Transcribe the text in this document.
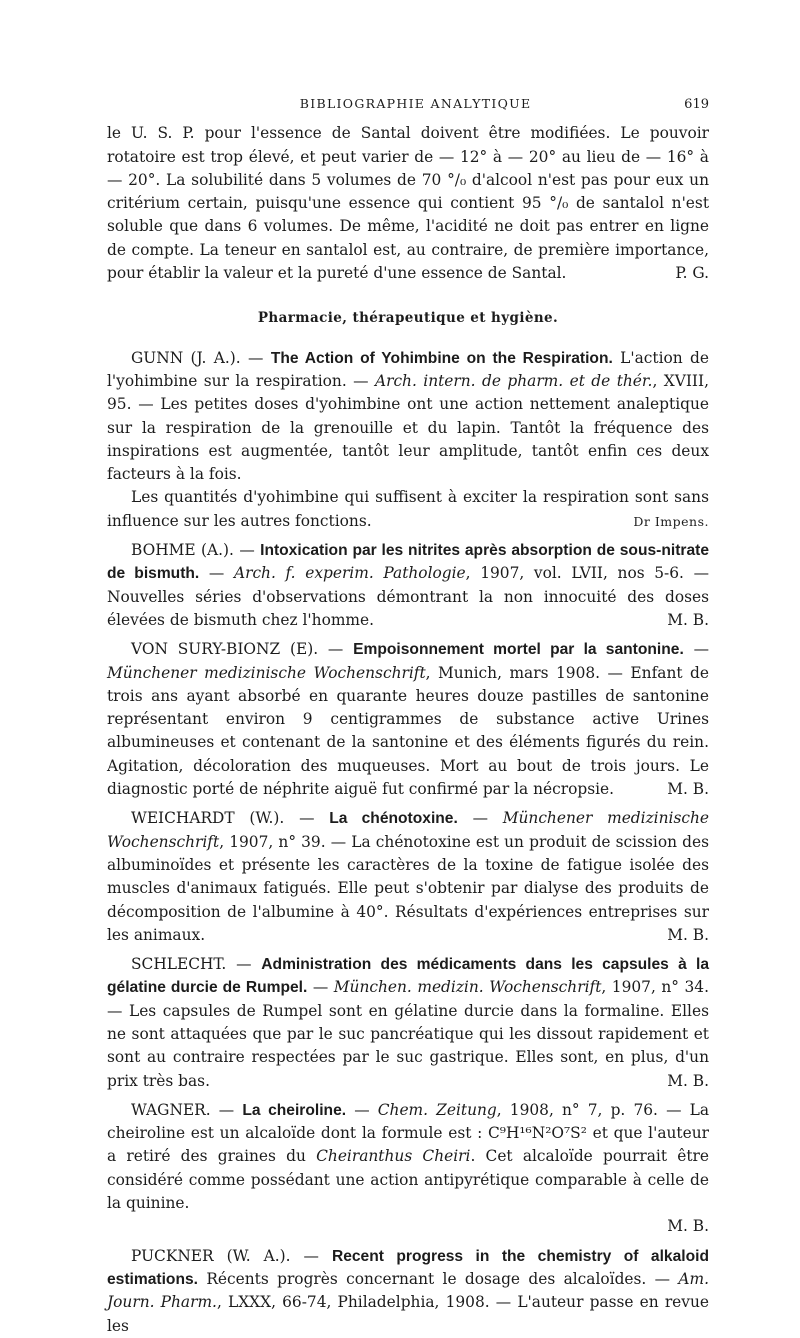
BIBLIOGRAPHIE ANALYTIQUE	619

le U. S. P. pour l'essence de Santal doivent être modifiées. Le pouvoir rotatoire est trop élevé, et peut varier de — 12° à — 20° au lieu de — 16° à — 20°. La solubilité dans 5 volumes de 70 °/₀ d'alcool n'est pas pour eux un critérium certain, puisqu'une essence qui contient 95 °/₀ de santalol n'est soluble que dans 6 volumes. De même, l'acidité ne doit pas entrer en ligne de compte. La teneur en santalol est, au contraire, de première importance, pour établir la valeur et la pureté d'une essence de Santal.	P. G.

Pharmacie, thérapeutique et hygiène.

GUNN (J. A.). — The Action of Yohimbine on the Respiration. L'action de l'yohimbine sur la respiration. — Arch. intern. de pharm. et de thér., XVIII, 95. — Les petites doses d'yohimbine ont une action nettement analeptique sur la respiration de la grenouille et du lapin. Tantôt la fréquence des inspirations est augmentée, tantôt leur amplitude, tantôt enfin ces deux facteurs à la fois.

Les quantités d'yohimbine qui suffisent à exciter la respiration sont sans influence sur les autres fonctions.	Dr Impens.

BOHME (A.). — Intoxication par les nitrites après absorption de sous-nitrate de bismuth. — Arch. f. experim. Pathologie, 1907, vol. LVII, nos 5-6. — Nouvelles séries d'observations démontrant la non innocuité des doses élevées de bismuth chez l'homme.	M. B.

VON SURY-BIONZ (E). — Empoisonnement mortel par la santonine. — Münchener medizinische Wochenschrift, Munich, mars 1908. — Enfant de trois ans ayant absorbé en quarante heures douze pastilles de santonine représentant environ 9 centigrammes de substance active Urines albumineuses et contenant de la santonine et des éléments figurés du rein. Agitation, décoloration des muqueuses. Mort au bout de trois jours. Le diagnostic porté de néphrite aiguë fut confirmé par la nécropsie.	M. B.

WEICHARDT (W.). — La chénotoxine. — Münchener medizinische Wochenschrift, 1907, n° 39. — La chénotoxine est un produit de scission des albuminoïdes et présente les caractères de la toxine de fatigue isolée des muscles d'animaux fatigués. Elle peut s'obtenir par dialyse des produits de décomposition de l'albumine à 40°. Résultats d'expériences entreprises sur les animaux.	M. B.

SCHLECHT. — Administration des médicaments dans les capsules à la gélatine durcie de Rumpel. — München. medizin. Wochenschrift, 1907, n° 34. — Les capsules de Rumpel sont en gélatine durcie dans la formaline. Elles ne sont attaquées que par le suc pancréatique qui les dissout rapidement et sont au contraire respectées par le suc gastrique. Elles sont, en plus, d'un prix très bas.	M. B.

WAGNER. — La cheiroline. — Chem. Zeitung, 1908, n° 7, p. 76. — La cheiroline est un alcaloïde dont la formule est : C⁹H¹⁶N²O⁷S² et que l'auteur a retiré des graines du Cheiranthus Cheiri. Cet alcaloïde pourrait être considéré comme possédant une action antipyrétique comparable à celle de la quinine.

M. B.

PUCKNER (W. A.). — Recent progress in the chemistry of alkaloid estimations. Récents progrès concernant le dosage des alcaloïdes. — Am. Journ. Pharm., LXXX, 66-74, Philadelphia, 1908. — L'auteur passe en revue les
